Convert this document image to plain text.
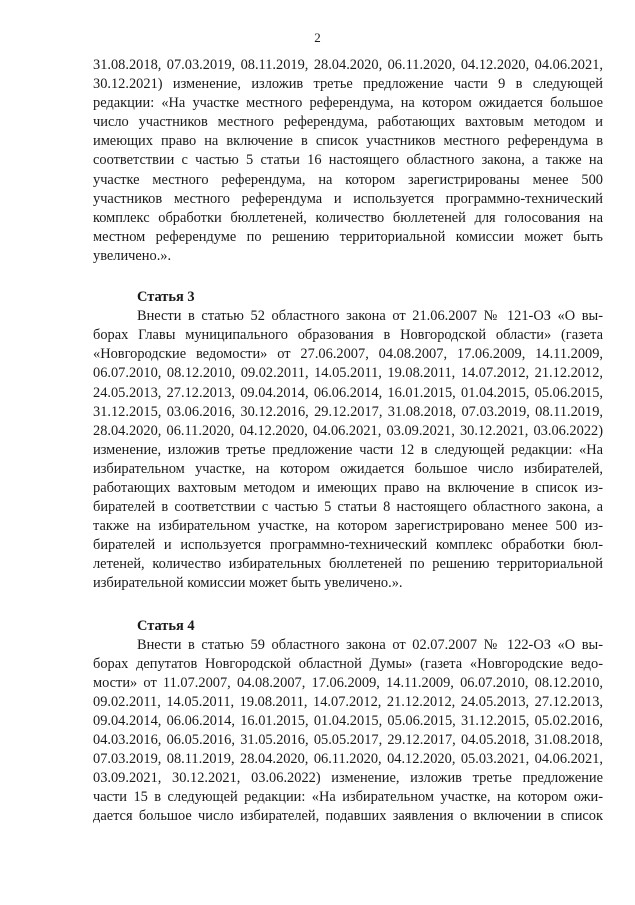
2
31.08.2018, 07.03.2019, 08.11.2019, 28.04.2020, 06.11.2020, 04.12.2020, 04.06.2021,
30.12.2021) изменение, изложив третье предложение части 9 в следующей
редакции: «На участке местного референдума, на котором ожидается большое
число участников местного референдума, работающих вахтовым методом и
имеющих право на включение в список участников местного референдума в
соответствии с частью 5 статьи 16 настоящего областного закона, а также на
участке местного референдума, на котором зарегистрированы менее 500
участников местного референдума и используется программно-технический
комплекс обработки бюллетеней, количество бюллетеней для голосования на
местном референдуме по решению территориальной комиссии может быть
увеличено.».

Статья 3

Внести в статью 52 областного закона от 21.06.2007 № 121-ОЗ «О вы-
борах Главы муниципального образования в Новгородской области» (газета
«Новгородские ведомости» от 27.06.2007, 04.08.2007, 17.06.2009, 14.11.2009,
06.07.2010, 08.12.2010, 09.02.2011, 14.05.2011, 19.08.2011, 14.07.2012, 21.12.2012,
24.05.2013, 27.12.2013, 09.04.2014, 06.06.2014, 16.01.2015, 01.04.2015, 05.06.2015,
31.12.2015, 03.06.2016, 30.12.2016, 29.12.2017, 31.08.2018, 07.03.2019, 08.11.2019,
28.04.2020, 06.11.2020, 04.12.2020, 04.06.2021, 03.09.2021, 30.12.2021, 03.06.2022)
изменение, изложив третье предложение части 12 в следующей редакции: «На
избирательном участке, на котором ожидается большое число избирателей,
работающих вахтовым методом и имеющих право на включение в список из-
бирателей в соответствии с частью 5 статьи 8 настоящего областного закона, а
также на избирательном участке, на котором зарегистрировано менее 500 из-
бирателей и используется программно-технический комплекс обработки бюл-
летеней, количество избирательных бюллетеней по решению территориальной
избирательной комиссии может быть увеличено.».

Статья 4

Внести в статью 59 областного закона от 02.07.2007 № 122-ОЗ «О вы-
борах депутатов Новгородской областной Думы» (газета «Новгородские ведо-
мости» от 11.07.2007, 04.08.2007, 17.06.2009, 14.11.2009, 06.07.2010, 08.12.2010,
09.02.2011, 14.05.2011, 19.08.2011, 14.07.2012, 21.12.2012, 24.05.2013, 27.12.2013,
09.04.2014, 06.06.2014, 16.01.2015, 01.04.2015, 05.06.2015, 31.12.2015, 05.02.2016,
04.03.2016, 06.05.2016, 31.05.2016, 05.05.2017, 29.12.2017, 04.05.2018, 31.08.2018,
07.03.2019, 08.11.2019, 28.04.2020, 06.11.2020, 04.12.2020, 05.03.2021, 04.06.2021,
03.09.2021, 30.12.2021, 03.06.2022) изменение, изложив третье предложение
части 15 в следующей редакции: «На избирательном участке, на котором ожи-
дается большое число избирателей, подавших заявления о включении в список
